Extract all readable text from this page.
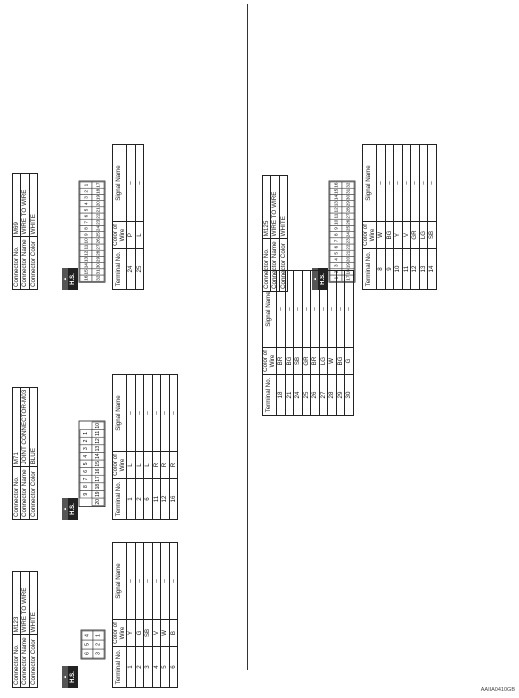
Connector No.	M69
Connector Name	WIRE TO WIRE
Connector Color	WHITE
▲ H.S.	16
15
14
13
12
11
10
9
8
7
6
5
4
3
2
1
32
31
30
29
28
27
26
25
24
23
22
21
20
19
18
17
Terminal No.	Color of Wire	Signal Name
24	P	–
25	L	–
Connector No.	M71
Connector Name	JOINT CONNECTOR-M03
Connector Color	BLUE
▲ H.S.
9
8
7
6
5
4
3
2
1
20
19
18
17
16
15
14
13
12
11
10
Terminal No.	Color of Wire	Signal Name
1	L	–
2	L	–
6	L	–
11	R	–
12	R	–
16	R	–
Connector No.	M123
Connector Name	WIRE TO WIRE
Connector Color	WHITE
▲ H.S.
6
5
4
3
2
1
Terminal No.	Color of Wire	Signal Name
1	Y	–
2	G	–
3	SB	–
4	V	–
5	W	–
6	B	–
Connector No.	M125
Connector Name	WIRE TO WIRE
Connector Color	WHITE
▲ H.S.	1
2
3
4
5
6
7
8
9
10
11
12
13
14
15
16
17
18
19
20
21
22
23
24
25
26
27
28
29
30
31
32
Terminal No.	Color of Wire	Signal Name
8	W	–
9	BG	–
10	Y	–
11	V	–
12	GR	–
13	LG	–
14	SB	–
Terminal No.	Color of Wire	Signal Name
18	BR	–
21	BG	–
24	SB	–
25	GR	–
26	BR	–
27	LG	–
28	W	–
29	BG	–
30	G	–
AAIIA0410GB
